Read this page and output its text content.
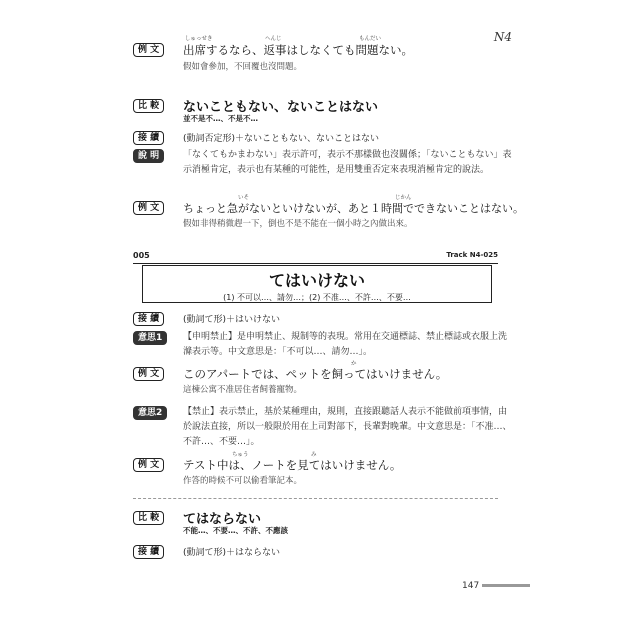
N4
例 文
しゅっせき	へんじ	もんだい
出席するなら、返事はしなくても問題ない。
假如會參加，不回覆也沒問題。
比 較	ないこともない、ないことはない
並不是不…、不是不…
接 續	(動詞否定形)＋ないこともない、ないことはない
說 明	「なくてもかまわない」表示許可，表示不那樣做也沒關係；「ないこともない」表示消極肯定，表示也有某種的可能性，是用雙重否定來表現消極肯定的說法。
例 文
いそ	じかん
ちょっと急がないといけないが、あと１時間でできないことはない。
假如非得稍微趕一下，倒也不是不能在一個小時之內做出來。
005	Track N4-025
てはいけない
(1) 不可以…、請勿…；(2) 不准…、不許…、不要…
接 續	(動詞て形)＋はいけない
意思1	【申明禁止】是申明禁止、規制等的表現。常用在交通標誌、禁止標誌或衣服上洗滌表示等。中文意思是：「不可以…、請勿…」。
例 文
か
このアパートでは、ペットを飼ってはいけません。
這棟公寓不准居住者飼養寵物。
意思2	【禁止】表示禁止，基於某種理由，規則，直接跟聽話人表示不能做前項事情，由於說法直接，所以一般限於用在上司對部下，長輩對晚輩。中文意思是：「不准…、不許…、不要…」。
例 文
ちゅう	み
テスト中は、ノートを見てはいけません。
作答的時候不可以偷看筆記本。
比 較	てはならない
不能…、不要…、不許、不應該
接 續	(動詞て形)＋はならない
147
